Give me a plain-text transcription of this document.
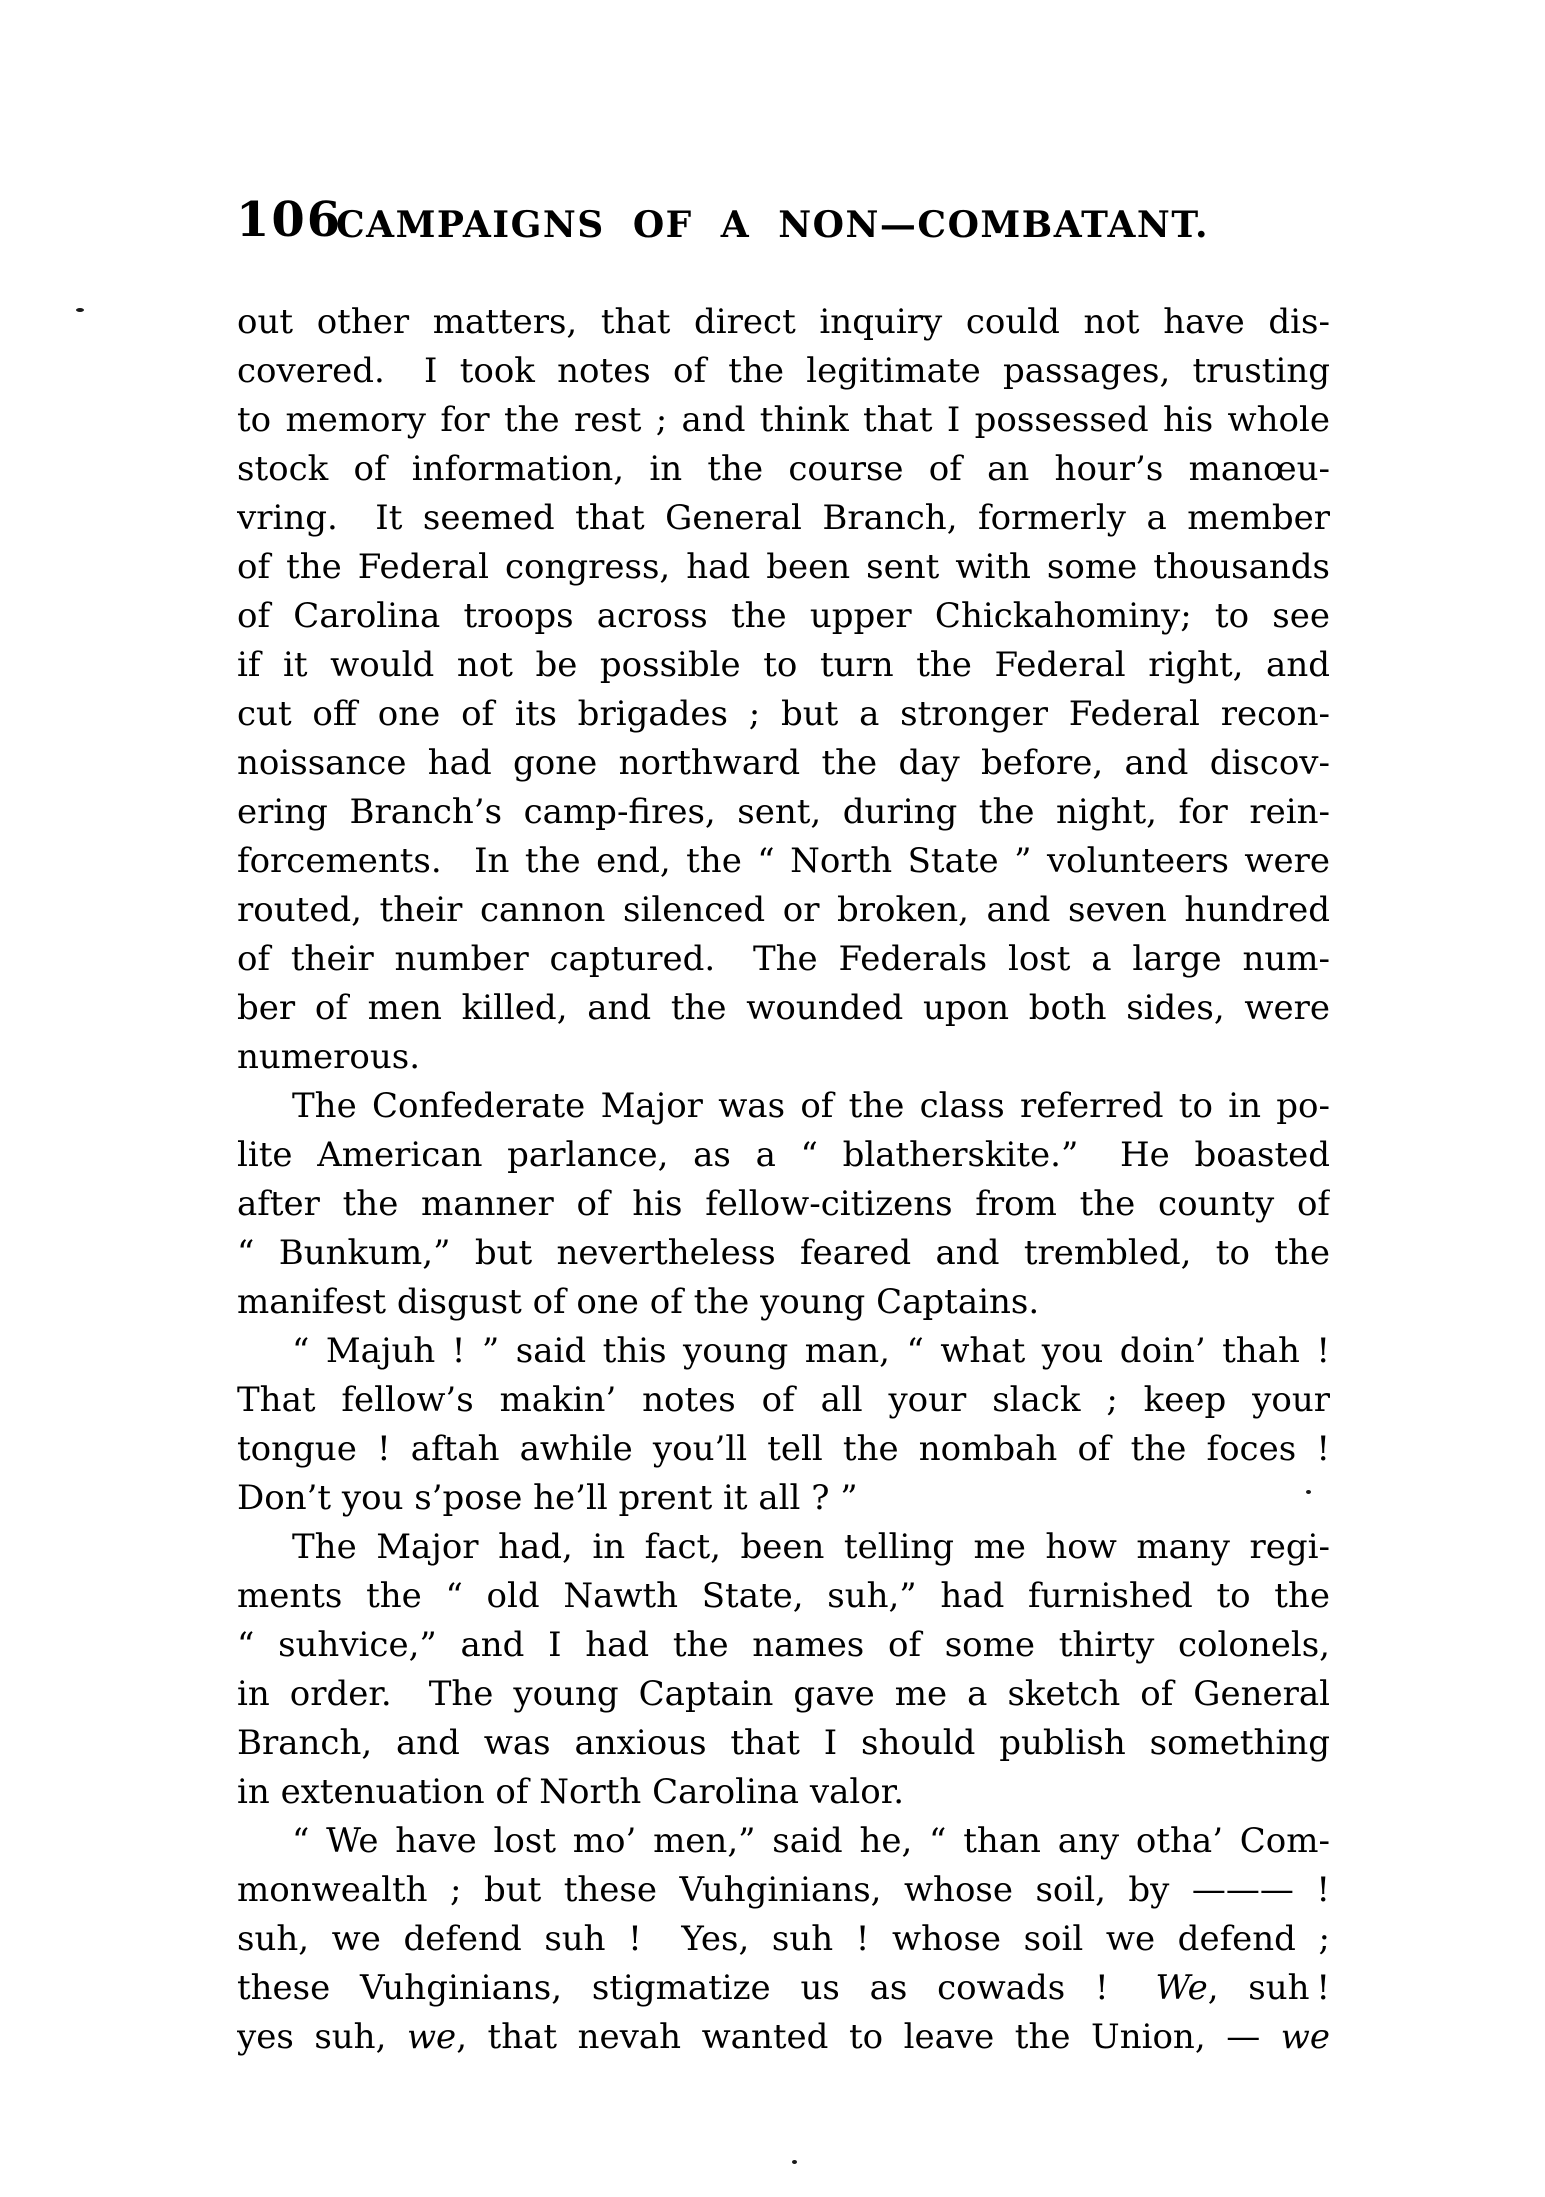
106
CAMPAIGNS OF A NON—COMBATANT.
out other matters, that direct inquiry could not have dis-
covered.  I took notes of the legitimate passages, trusting
to memory for the rest ; and think that I possessed his whole
stock of information, in the course of an hour’s manœu-
vring.  It seemed that General Branch, formerly a member
of the Federal congress, had been sent with some thousands
of Carolina troops across the upper Chickahominy; to see
if it would not be possible to turn the Federal right, and
cut off one of its brigades ; but a stronger Federal recon-
noissance had gone northward the day before, and discov-
ering Branch’s camp-fires, sent, during the night, for rein-
forcements.  In the end, the “ North State ” volunteers were
routed, their cannon silenced or broken, and seven hundred
of their number captured.  The Federals lost a large num-
ber of men killed, and the wounded upon both sides, were
numerous.
The Confederate Major was of the class referred to in po-
lite American parlance, as a “ blatherskite.”  He boasted
after the manner of his fellow-citizens from the county of
“ Bunkum,” but nevertheless feared and trembled, to the
manifest disgust of one of the young Captains.
“ Majuh ! ” said this young man, “ what you doin’ thah !
That fellow’s makin’ notes of all your slack ; keep your
tongue ! aftah awhile you’ll tell the nombah of the foces !
Don’t you s’pose he’ll prent it all ? ”
The Major had, in fact, been telling me how many regi-
ments the “ old Nawth State, suh,” had furnished to the
“ suhvice,” and I had the names of some thirty colonels,
in order.  The young Captain gave me a sketch of General
Branch, and was anxious that I should publish something
in extenuation of North Carolina valor.
“ We have lost mo’ men,” said he, “ than any otha’ Com-
monwealth ; but these Vuhginians, whose soil, by ——— !
suh, we defend suh !  Yes, suh ! whose soil we defend ;
these Vuhginians, stigmatize us as cowads !  We, suh !
yes suh, we, that nevah wanted to leave the Union, — we
